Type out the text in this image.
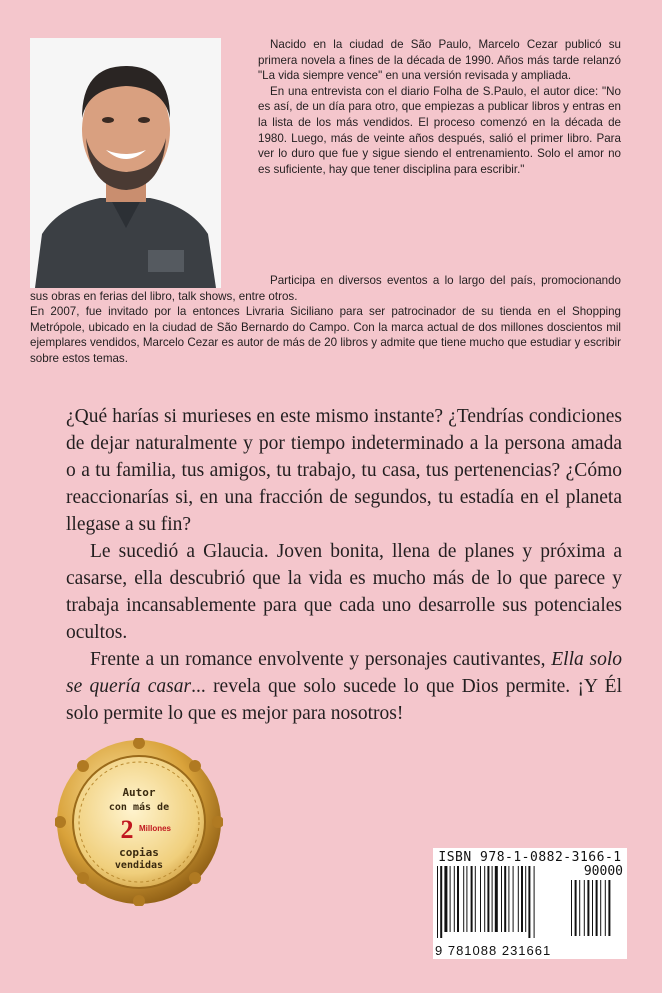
Nacido en la ciudad de São Paulo, Marcelo Cezar publicó su primera novela a fines de la década de 1990. Años más tarde relanzó "La vida siempre vence" en una versión revisada y ampliada.

En una entrevista con el diario Folha de S.Paulo, el autor dice: "No es así, de un día para otro, que empiezas a publicar libros y entras en la lista de los más vendidos. El proceso comenzó en la década de 1980. Luego, más de veinte años después, salió el primer libro. Para ver lo duro que fue y sigue siendo el entrenamiento. Solo el amor no es suficiente, hay que tener disciplina para escribir."

Participa en diversos eventos a lo largo del país, promocionando sus obras en ferias del libro, talk shows, entre otros.

En 2007, fue invitado por la entonces Livraria Siciliano para ser patrocinador de su tienda en el Shopping Metrópole, ubicado en la ciudad de São Bernardo do Campo. Con la marca actual de dos millones doscientos mil ejemplares vendidos, Marcelo Cezar es autor de más de 20 libros y admite que tiene mucho que estudiar y escribir sobre estos temas.

¿Qué harías si murieses en este mismo instante? ¿Tendrías condiciones de dejar naturalmente y por tiempo indeterminado a la persona amada o a tu familia, tus amigos, tu trabajo, tu casa, tus pertenencias? ¿Cómo reaccionarías si, en una fracción de segundos, tu estadía en el planeta llegase a su fin?

Le sucedió a Glaucia. Joven bonita, llena de planes y próxima a casarse, ella descubrió que la vida es mucho más de lo que parece y trabaja incansablemente para que cada uno desarrolle sus potenciales ocultos.

Frente a un romance envolvente y personajes cautivantes, Ella solo se quería casar... revela que solo sucede lo que Dios permite. ¡Y Él solo permite lo que es mejor para nosotros!

Autor
con más de
2 Millones
copias
vendidas
ISBN 978-1-0882-3166-1
90000
9 781088 231661
